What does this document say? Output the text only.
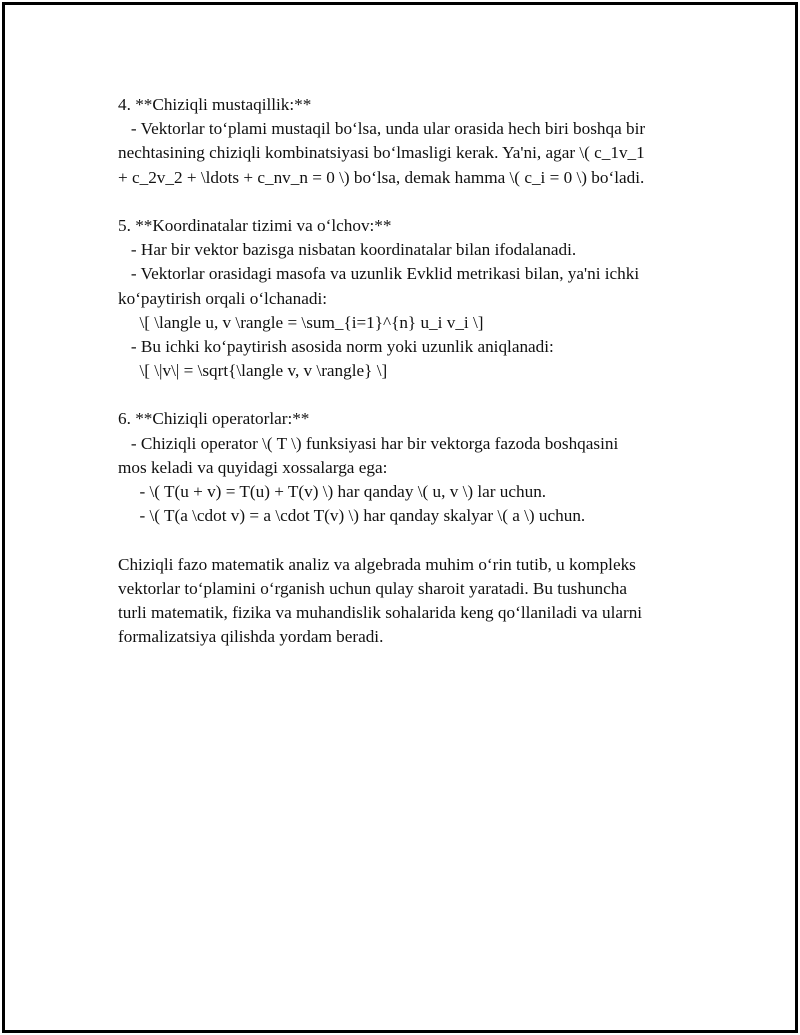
4. **Chiziqli mustaqillik:**

- Vektorlar to‘plami mustaqil bo‘lsa, unda ular orasida hech biri boshqa bir

nechtasining chiziqli kombinatsiyasi bo‘lmasligi kerak. Ya'ni, agar \( c_1v_1

+ c_2v_2 + \ldots + c_nv_n = 0 \) bo‘lsa, demak hamma \( c_i = 0 \) bo‘ladi.

5. **Koordinatalar tizimi va o‘lchov:**

- Har bir vektor bazisga nisbatan koordinatalar bilan ifodalanadi.

- Vektorlar orasidagi masofa va uzunlik Evklid metrikasi bilan, ya'ni ichki

ko‘paytirish orqali o‘lchanadi:

\[ \langle u, v \rangle = \sum_{i=1}^{n} u_i v_i \]

- Bu ichki ko‘paytirish asosida norm yoki uzunlik aniqlanadi:

\[ \|v\| = \sqrt{\langle v, v \rangle} \]

6. **Chiziqli operatorlar:**

- Chiziqli operator \( T \) funksiyasi har bir vektorga fazoda boshqasini

mos keladi va quyidagi xossalarga ega:

- \( T(u + v) = T(u) + T(v) \) har qanday \( u, v \) lar uchun.

- \( T(a \cdot v) = a \cdot T(v) \) har qanday skalyar \( a \) uchun.

Chiziqli fazo matematik analiz va algebrada muhim o‘rin tutib, u kompleks

vektorlar to‘plamini o‘rganish uchun qulay sharoit yaratadi. Bu tushuncha

turli matematik, fizika va muhandislik sohalarida keng qo‘llaniladi va ularni

formalizatsiya qilishda yordam beradi.
